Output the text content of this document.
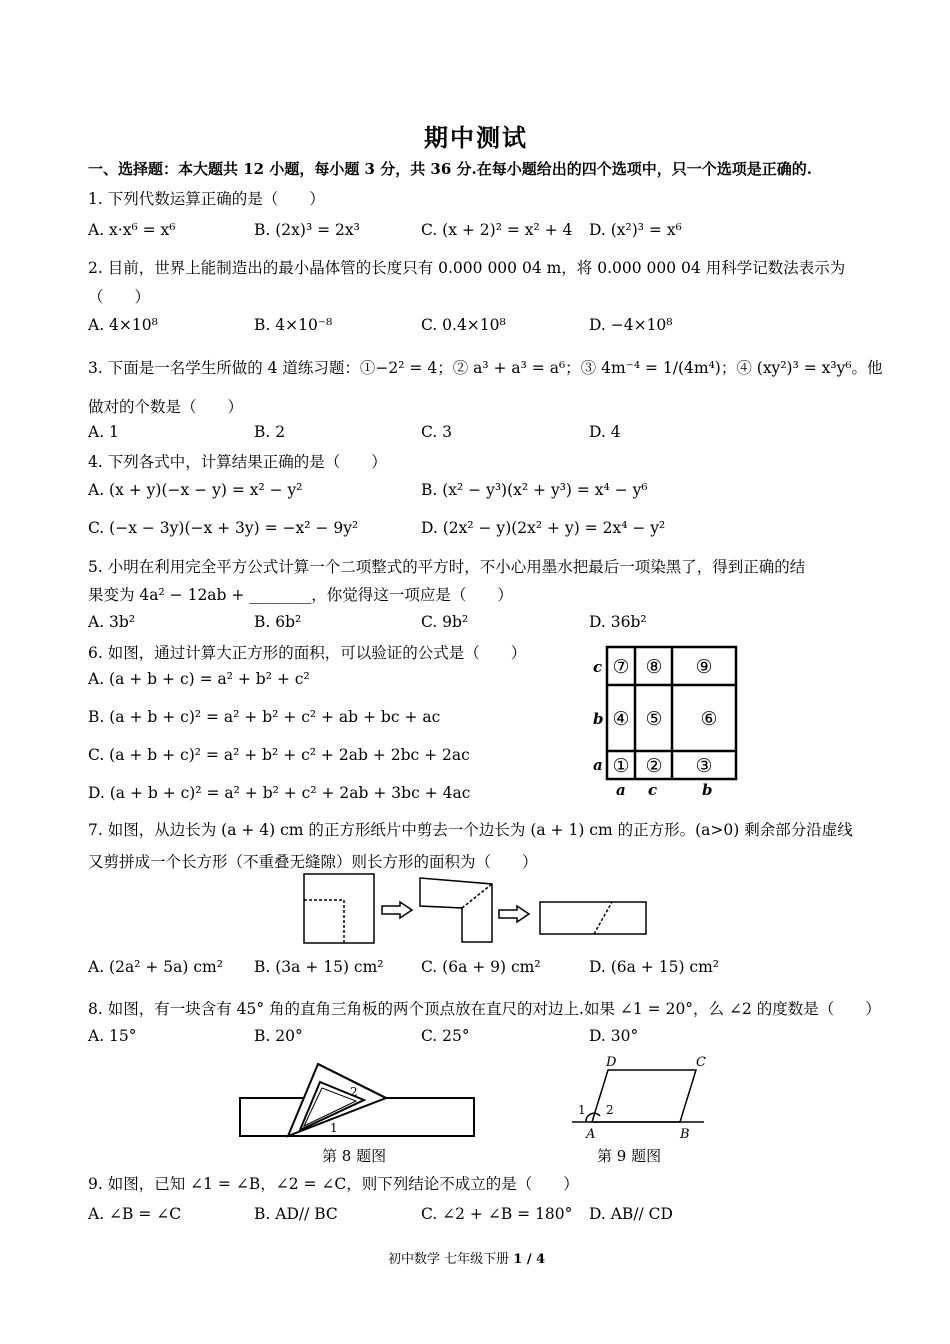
期中测试
一、选择题：本大题共 12 小题，每小题 3 分，共 36 分.在每小题给出的四个选项中，只一个选项是正确的.
1. 下列代数运算正确的是（　　）
A. x·x⁶ = x⁶	B. (2x)³ = 2x³	C. (x + 2)² = x² + 4 D. (x²)³ = x⁶
2. 目前，世界上能制造出的最小晶体管的长度只有 0.000 000 04 m，将 0.000 000 04 用科学记数法表示为
（　　）
A. 4×10⁸	B. 4×10⁻⁸	C. 0.4×10⁸	D. −4×10⁸
3. 下面是一名学生所做的 4 道练习题：①−2² = 4；② a³ + a³ = a⁶；③ 4m⁻⁴ = 1/(4m⁴)；④ (xy²)³ = x³y⁶。他
做对的个数是（　　）
A. 1	B. 2	C. 3	D. 4
4. 下列各式中，计算结果正确的是（　　）
A. (x + y)(−x − y) = x² − y²	B. (x² − y³)(x² + y³) = x⁴ − y⁶
C. (−x − 3y)(−x + 3y) = −x² − 9y²	D. (2x² − y)(2x² + y) = 2x⁴ − y²
5. 小明在利用完全平方公式计算一个二项整式的平方时，不小心用墨水把最后一项染黑了，得到正确的结
果变为 4a² − 12ab + ________，你觉得这一项应是（　　）
A. 3b²	B. 6b²	C. 9b²	D. 36b²
6. 如图，通过计算大正方形的面积，可以验证的公式是（　　）
A. (a + b + c) = a² + b² + c²
B. (a + b + c)² = a² + b² + c² + ab + bc + ac
C. (a + b + c)² = a² + b² + c² + 2ab + 2bc + 2ac
D. (a + b + c)² = a² + b² + c² + 2ab + 3bc + 4ac
c
b
a
a c	b
⑦ ⑧ ⑨
④ ⑤ ⑥
① ② ③
7. 如图，从边长为 (a + 4) cm 的正方形纸片中剪去一个边长为 (a + 1) cm 的正方形。(a>0) 剩余部分沿虚线
又剪拼成一个长方形（不重叠无缝隙）则长方形的面积为（　　）
A. (2a² + 5a) cm² B. (3a + 15) cm² C. (6a + 9) cm²	D. (6a + 15) cm²
8. 如图，有一块含有 45° 角的直角三角板的两个顶点放在直尺的对边上.如果 ∠1 = 20°，么 ∠2 的度数是（　　）
A. 15°	B. 20°	C. 25°	D. 30°
2
1
第 8 题图
D	C
A	B
1 2
第 9 题图
9. 如图，已知 ∠1 = ∠B，∠2 = ∠C，则下列结论不成立的是（　　）
A. ∠B = ∠C	B. AD// BC	C. ∠2 + ∠B = 180° D. AB// CD
初中数学 七年级下册 1 / 4
